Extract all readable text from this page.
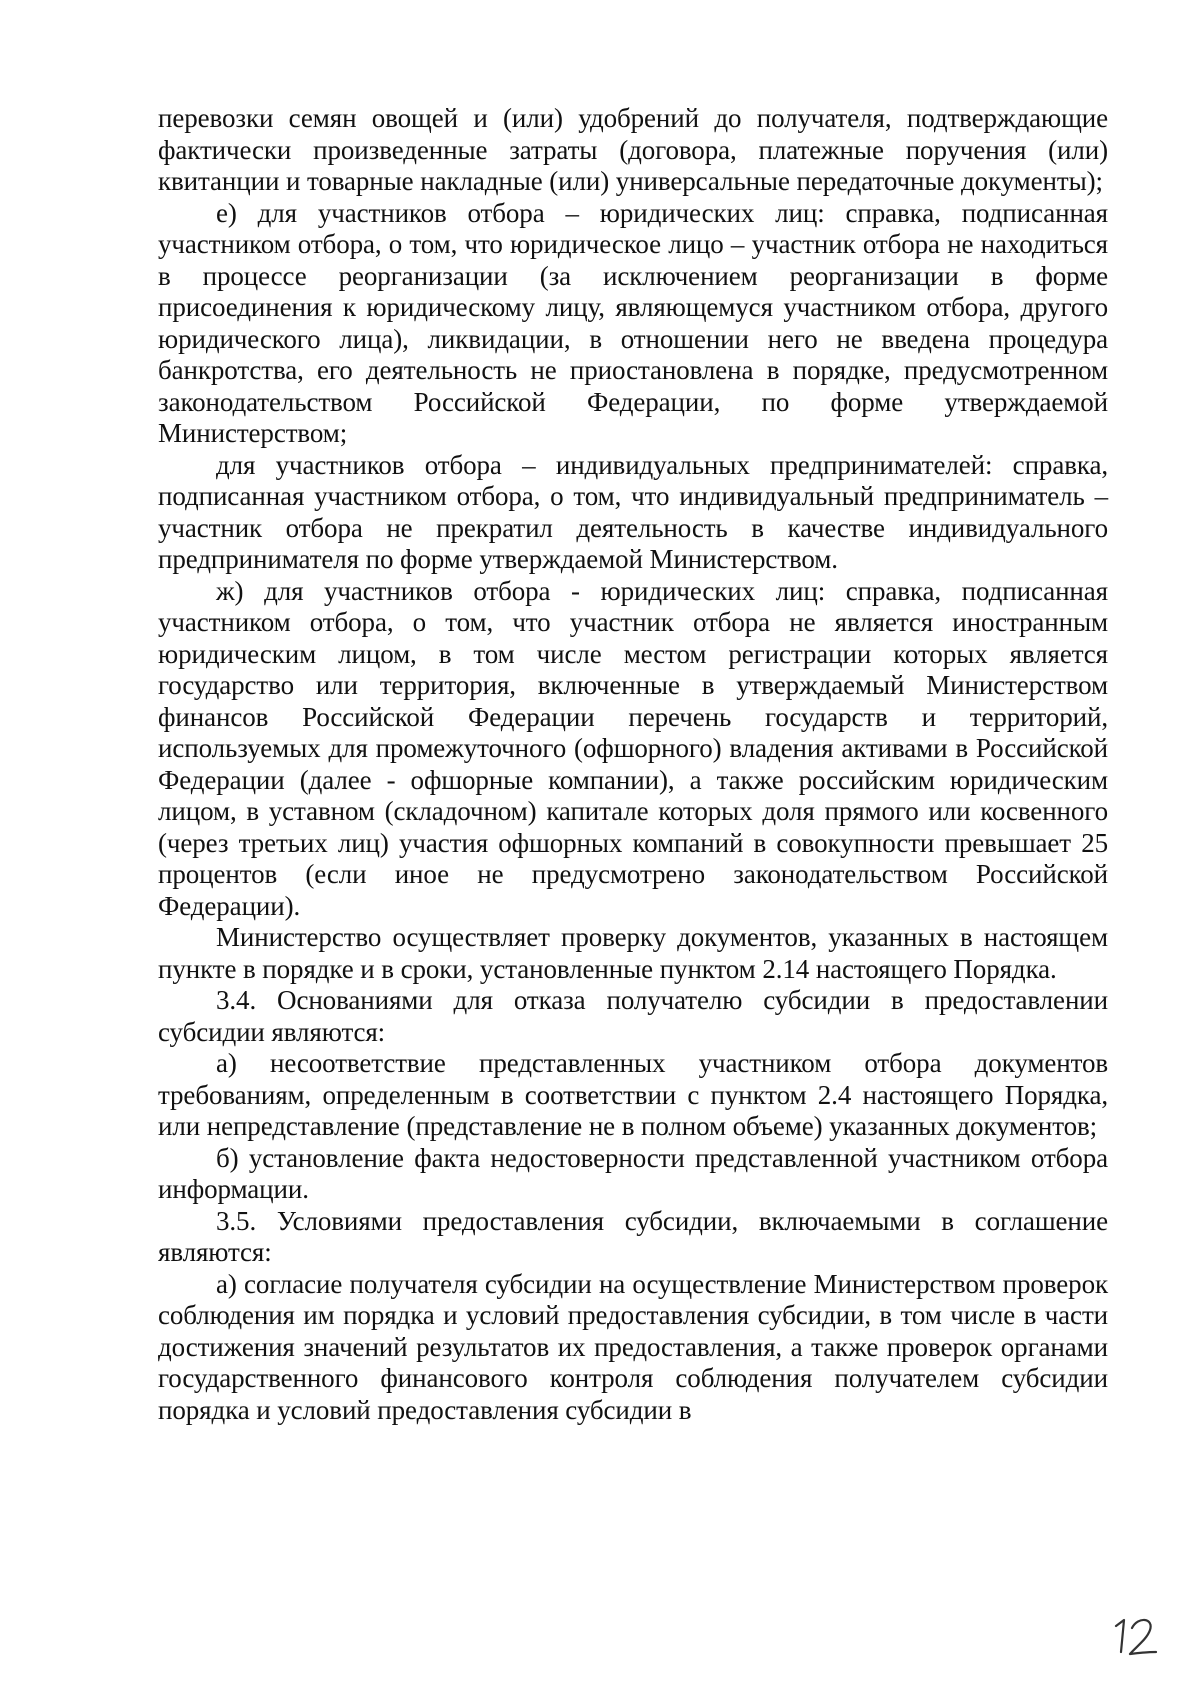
перевозки семян овощей и (или) удобрений до получателя, подтверждающие фактически произведенные затраты (договора, платежные поручения (или) квитанции и товарные накладные (или) универсальные передаточные документы);

е) для участников отбора – юридических лиц: справка, подписанная участником отбора, о том, что юридическое лицо – участник отбора не находиться в процессе реорганизации (за исключением реорганизации в форме присоединения к юридическому лицу, являющемуся участником отбора, другого юридического лица), ликвидации, в отношении него не введена процедура банкротства, его деятельность не приостановлена в порядке, предусмотренном законодательством Российской Федерации, по форме утверждаемой Министерством;

для участников отбора – индивидуальных предпринимателей: справка, подписанная участником отбора, о том, что индивидуальный предприниматель – участник отбора не прекратил деятельность в качестве индивидуального предпринимателя по форме утверждаемой Министерством.

ж) для участников отбора - юридических лиц: справка, подписанная участником отбора, о том, что участник отбора не является иностранным юридическим лицом, в том числе местом регистрации которых является государство или территория, включенные в утверждаемый Министерством финансов Российской Федерации перечень государств и территорий, используемых для промежуточного (офшорного) владения активами в Российской Федерации (далее - офшорные компании), а также российским юридическим лицом, в уставном (складочном) капитале которых доля прямого или косвенного (через третьих лиц) участия офшорных компаний в совокупности превышает 25 процентов (если иное не предусмотрено законодательством Российской Федерации).

Министерство осуществляет проверку документов, указанных в настоящем пункте в порядке и в сроки, установленные пунктом 2.14 настоящего Порядка.

3.4. Основаниями для отказа получателю субсидии в предоставлении субсидии являются:

а) несоответствие представленных участником отбора документов требованиям, определенным в соответствии с пунктом 2.4 настоящего Порядка, или непредставление (представление не в полном объеме) указанных документов;

б) установление факта недостоверности представленной участником отбора информации.

3.5. Условиями предоставления субсидии, включаемыми в соглашение являются:

а) согласие получателя субсидии на осуществление Министерством проверок соблюдения им порядка и условий предоставления субсидии, в том числе в части достижения значений результатов их предоставления, а также проверок органами государственного финансового контроля соблюдения получателем субсидии порядка и условий предоставления субсидии в
